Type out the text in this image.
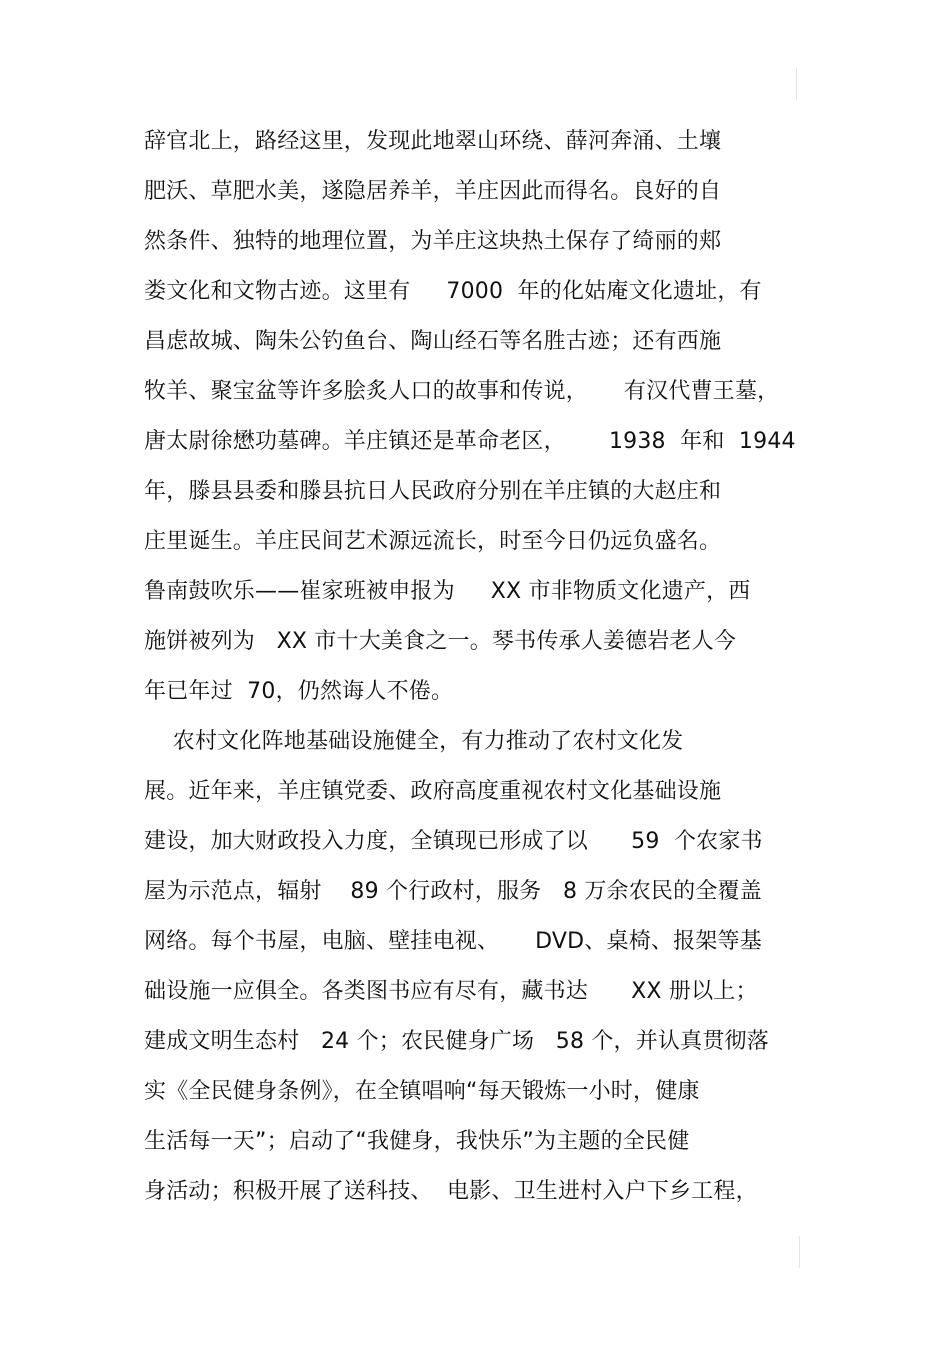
辞官北上，路经这里，发现此地翠山环绕、薛河奔涌、土壤
肥沃、草肥水美，遂隐居养羊，羊庄因此而得名。良好的自
然条件、独特的地理位置，为羊庄这块热土保存了绮丽的郏
娄文化和文物古迹。这里有     7000  年的化姑庵文化遗址，有
昌虑故城、陶朱公钓鱼台、陶山经石等名胜古迹；还有西施
牧羊、聚宝盆等许多脍炙人口的故事和传说，     有汉代曹王墓，
唐太尉徐懋功墓碑。羊庄镇还是革命老区，      1938  年和  1944
年，滕县县委和滕县抗日人民政府分别在羊庄镇的大赵庄和
庄里诞生。羊庄民间艺术源远流长，时至今日仍远负盛名。
鲁南鼓吹乐——崔家班被申报为     XX 市非物质文化遗产，西
施饼被列为   XX 市十大美食之一。琴书传承人姜德岩老人今
年已年过  70，仍然诲人不倦。
农村文化阵地基础设施健全，有力推动了农村文化发
展。近年来，羊庄镇党委、政府高度重视农村文化基础设施
建设，加大财政投入力度，全镇现已形成了以      59  个农家书
屋为示范点，辐射    89 个行政村，服务   8 万余农民的全覆盖
网络。每个书屋，电脑、壁挂电视、     DVD、桌椅、报架等基
础设施一应俱全。各类图书应有尽有，藏书达      XX 册以上；
建成文明生态村   24 个；农民健身广场   58 个，并认真贯彻落
实《全民健身条例》，在全镇唱响“每天锻炼一小时，健康
生活每一天”；启动了“我健身，我快乐”为主题的全民健
身活动；积极开展了送科技、  电影、卫生进村入户下乡工程，
